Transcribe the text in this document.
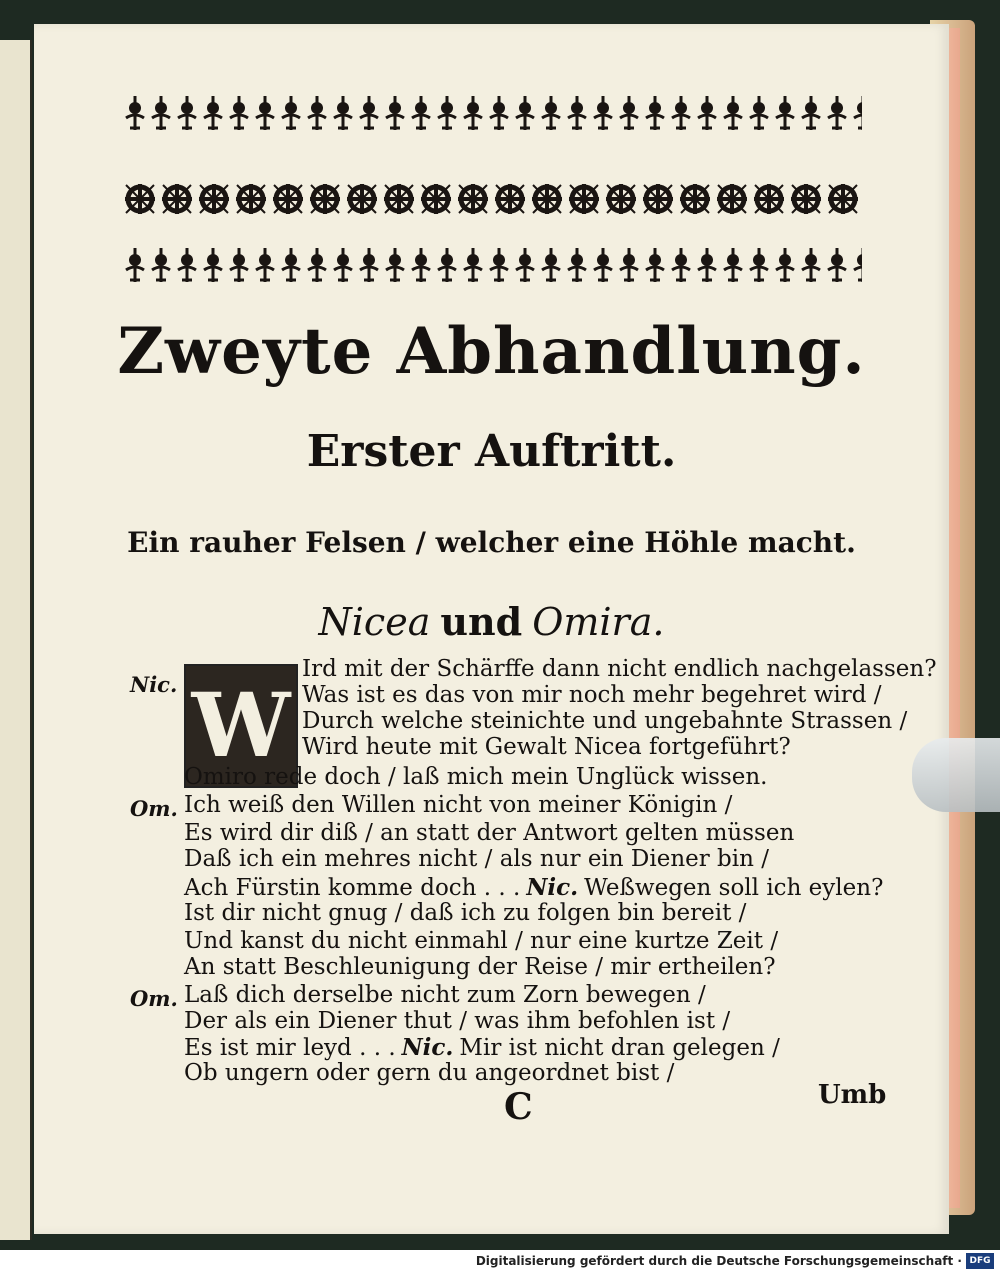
Zweyte Abhandlung.
Erster Auftritt.
Ein rauher Felsen / welcher eine Höhle macht.
Nicea und Omira.
Nic. W
Ird mit der Schärffe dann nicht endlich nachgelassen?
Was ist es das von mir noch mehr begehret wird /
Durch welche steinichte und ungebahnte Strassen /
Wird heute mit Gewalt Nicea fortgeführt?
Omiro rede doch / laß mich mein Unglück wissen.
Om. Ich weiß den Willen nicht von meiner Königin /
Es wird dir diß / an statt der Antwort gelten müssen
Daß ich ein mehres nicht / als nur ein Diener bin /
Ach Fürstin komme doch . . . Nic. Weßwegen soll ich eylen?
Ist dir nicht gnug / daß ich zu folgen bin bereit /
Und kanst du nicht einmahl / nur eine kurtze Zeit /
An statt Beschleunigung der Reise / mir ertheilen?
Om. Laß dich derselbe nicht zum Zorn bewegen /
Der als ein Diener thut / was ihm befohlen ist /
Es ist mir leyd . . . Nic. Mir ist nicht dran gelegen /
Ob ungern oder gern du angeordnet bist /
C	Umb
Digitalisierung gefördert durch die Deutsche Forschungsgemeinschaft · DFG
